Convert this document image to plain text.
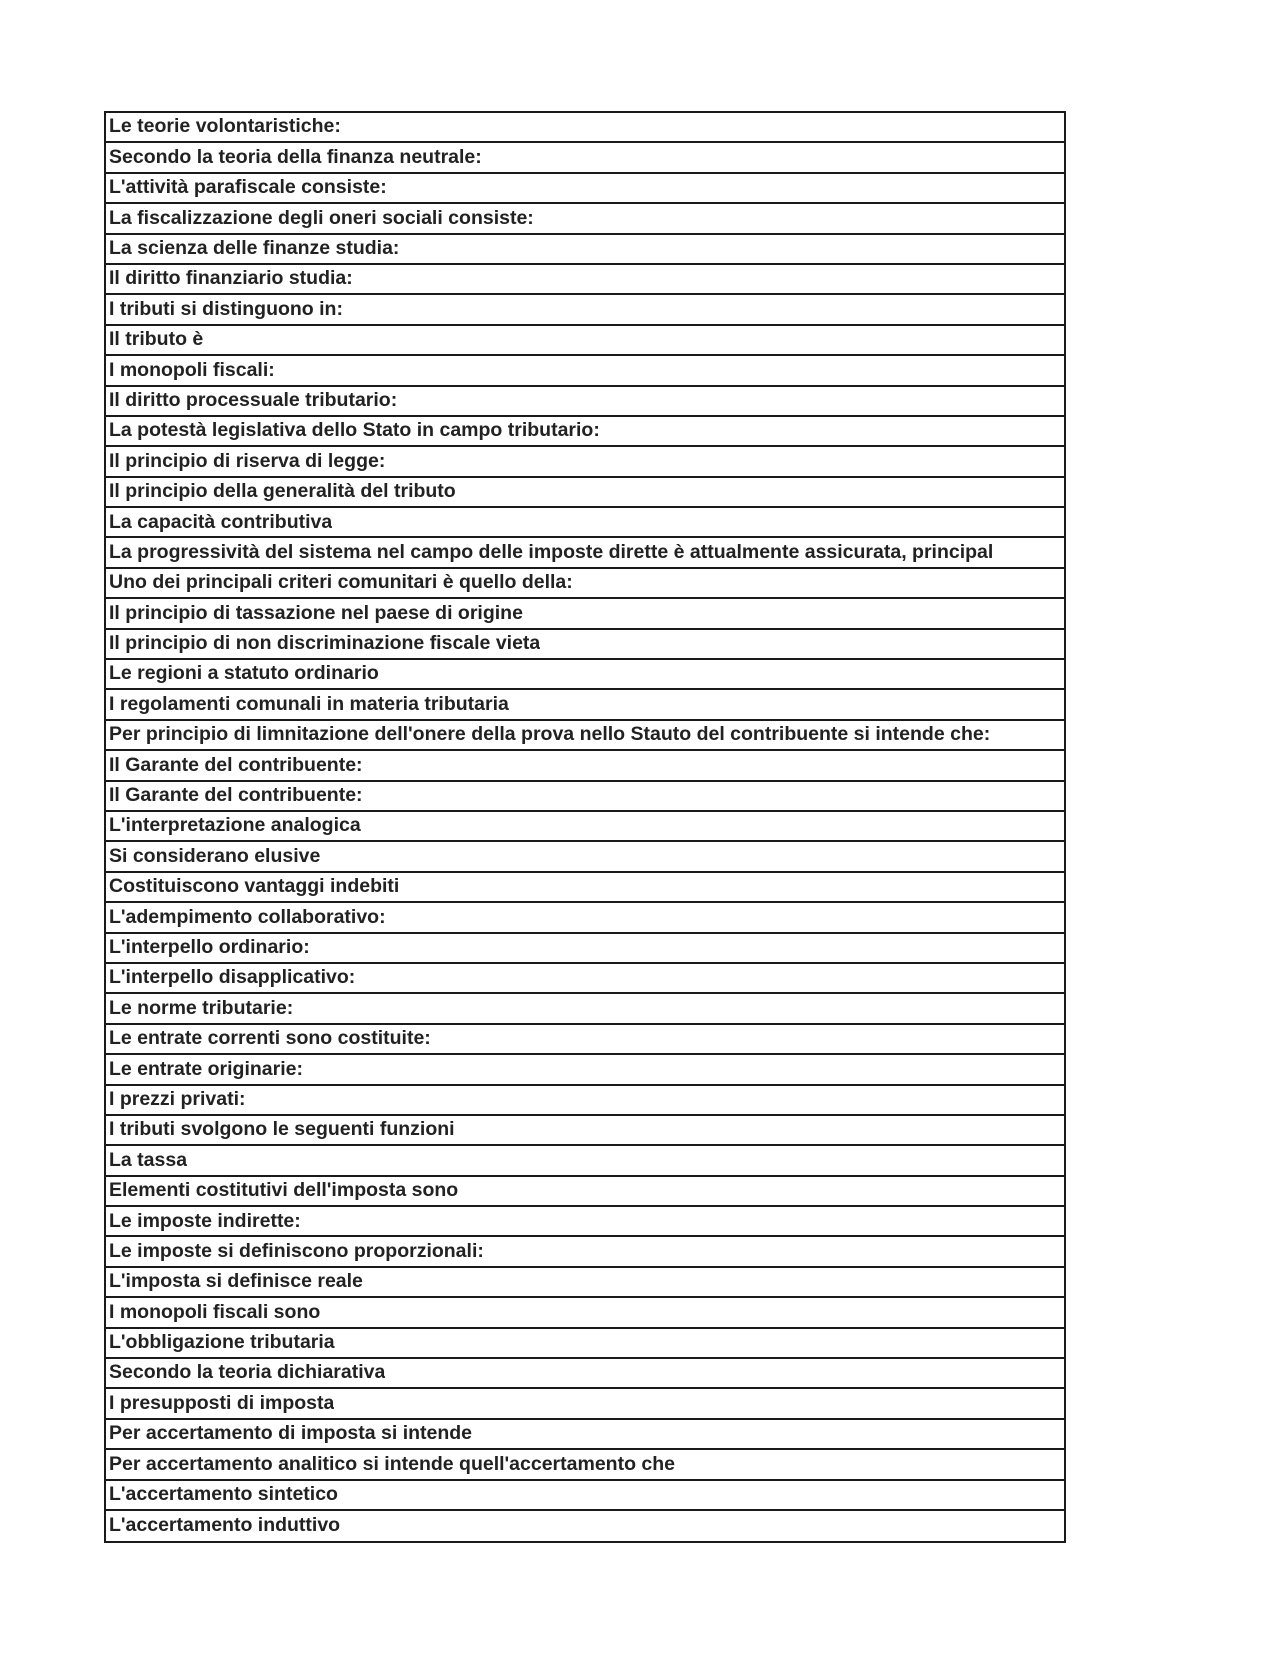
Le teorie volontaristiche:
Secondo la teoria della finanza neutrale:
L'attività parafiscale consiste:
La fiscalizzazione degli oneri sociali consiste:
La scienza delle finanze studia:
Il diritto finanziario studia:
I tributi si distinguono in:
Il tributo è
I monopoli fiscali:
Il diritto processuale tributario:
La potestà legislativa dello Stato in campo tributario:
Il principio di riserva di legge:
Il principio della generalità del tributo
La capacità contributiva
La progressività del sistema nel campo delle imposte dirette è attualmente assicurata, principal
Uno dei principali criteri comunitari è quello della:
Il principio di tassazione nel paese di origine
Il principio di non discriminazione fiscale vieta
Le regioni a statuto ordinario
I regolamenti comunali in materia tributaria
Per principio di limnitazione dell'onere della prova nello Stauto del contribuente si intende che:
Il Garante del contribuente:
Il Garante del contribuente:
L'interpretazione analogica
Si considerano elusive
Costituiscono vantaggi indebiti
L'adempimento collaborativo:
L'interpello ordinario:
L'interpello disapplicativo:
Le norme tributarie:
Le entrate correnti sono costituite:
Le entrate originarie:
I prezzi privati:
I tributi svolgono le seguenti funzioni
La tassa
Elementi costitutivi dell'imposta sono
Le imposte indirette:
Le imposte si definiscono proporzionali:
L'imposta si definisce reale
I monopoli fiscali sono
L'obbligazione tributaria
Secondo la teoria dichiarativa
I presupposti di imposta
Per accertamento di imposta si intende
Per accertamento analitico si intende quell'accertamento che
L'accertamento sintetico
L'accertamento induttivo
